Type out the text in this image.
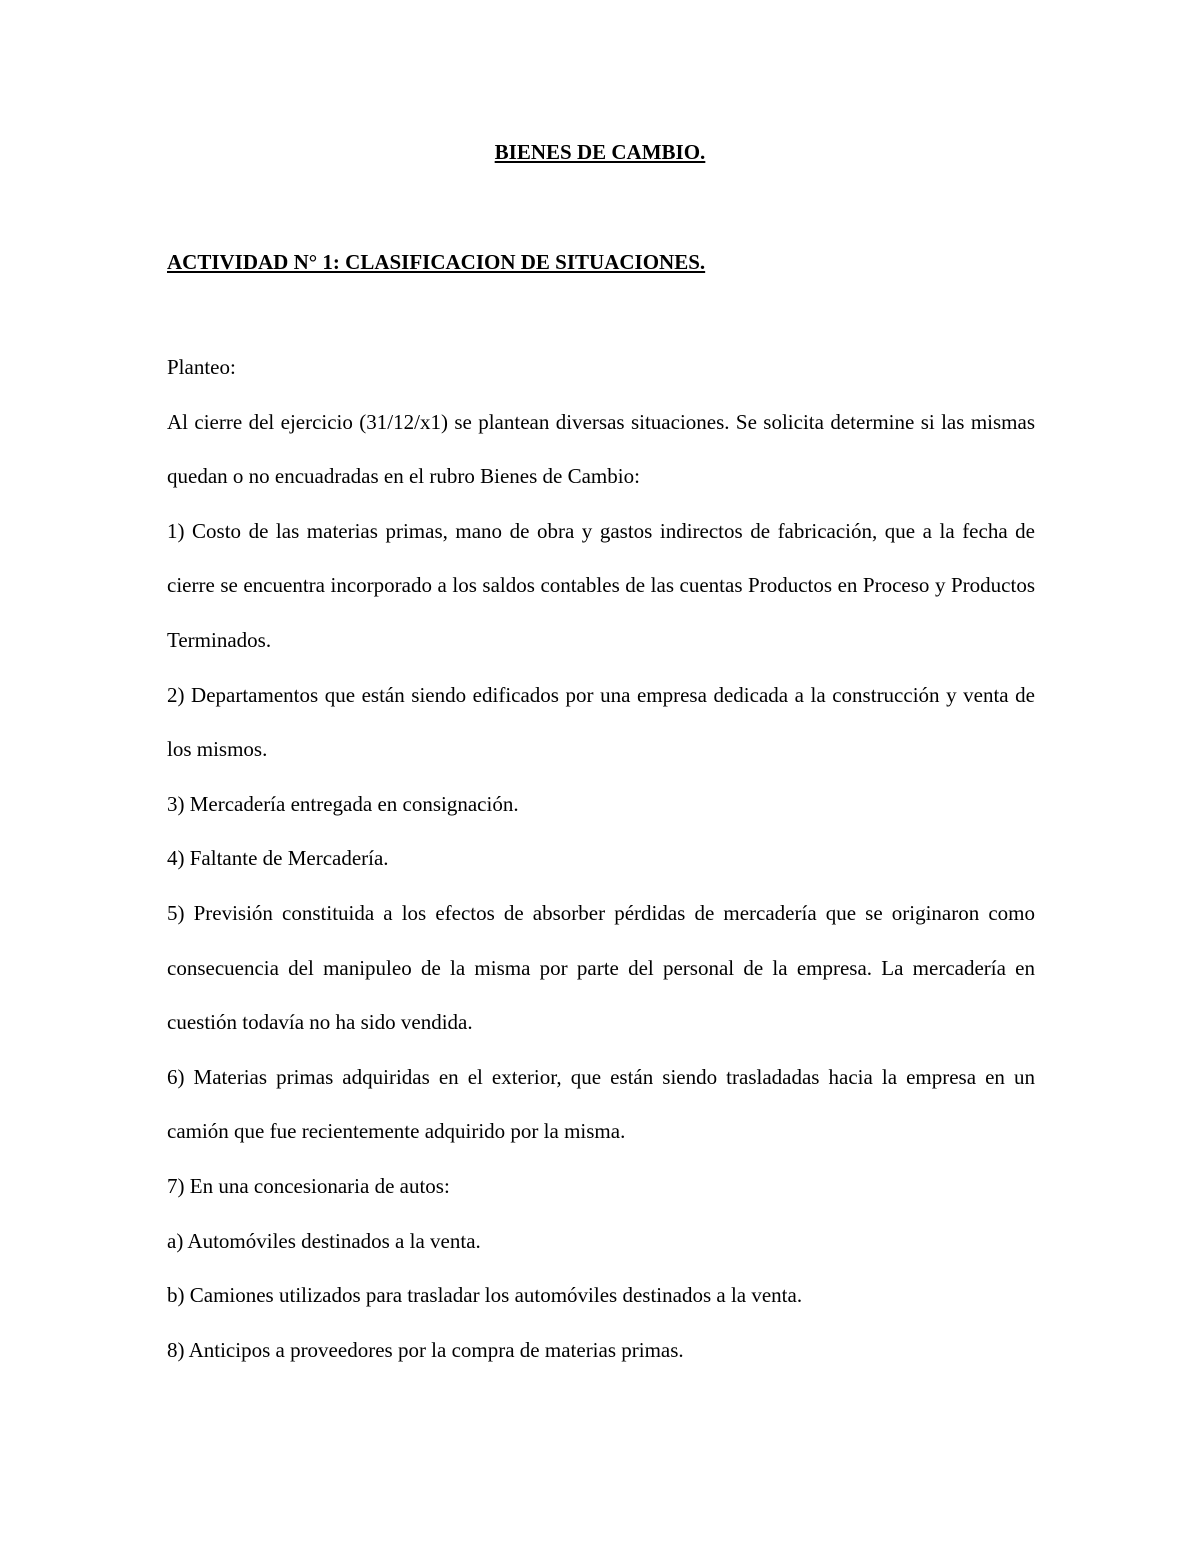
BIENES DE CAMBIO.
ACTIVIDAD N° 1: CLASIFICACION DE SITUACIONES.

Planteo:

Al cierre del ejercicio (31/12/x1) se plantean diversas situaciones. Se solicita determine si las mismas quedan o no encuadradas en el rubro Bienes de Cambio:

1) Costo de las materias primas, mano de obra y gastos indirectos de fabricación, que a la fecha de cierre se encuentra incorporado a los saldos contables de las cuentas Productos en Proceso y Productos Terminados.

2) Departamentos que están siendo edificados por una empresa dedicada a la construcción y venta de los mismos.

3) Mercadería entregada en consignación.

4) Faltante de Mercadería.

5) Previsión constituida a los efectos de absorber pérdidas de mercadería que se originaron como consecuencia del manipuleo de la misma por parte del personal de la empresa. La mercadería en cuestión todavía no ha sido vendida.

6) Materias primas adquiridas en el exterior, que están siendo trasladadas hacia la empresa en un camión que fue recientemente adquirido por la misma.

7) En una concesionaria de autos:

a) Automóviles destinados a la venta.

b) Camiones utilizados para trasladar los automóviles destinados a la venta.

8) Anticipos a proveedores por la compra de materias primas.
